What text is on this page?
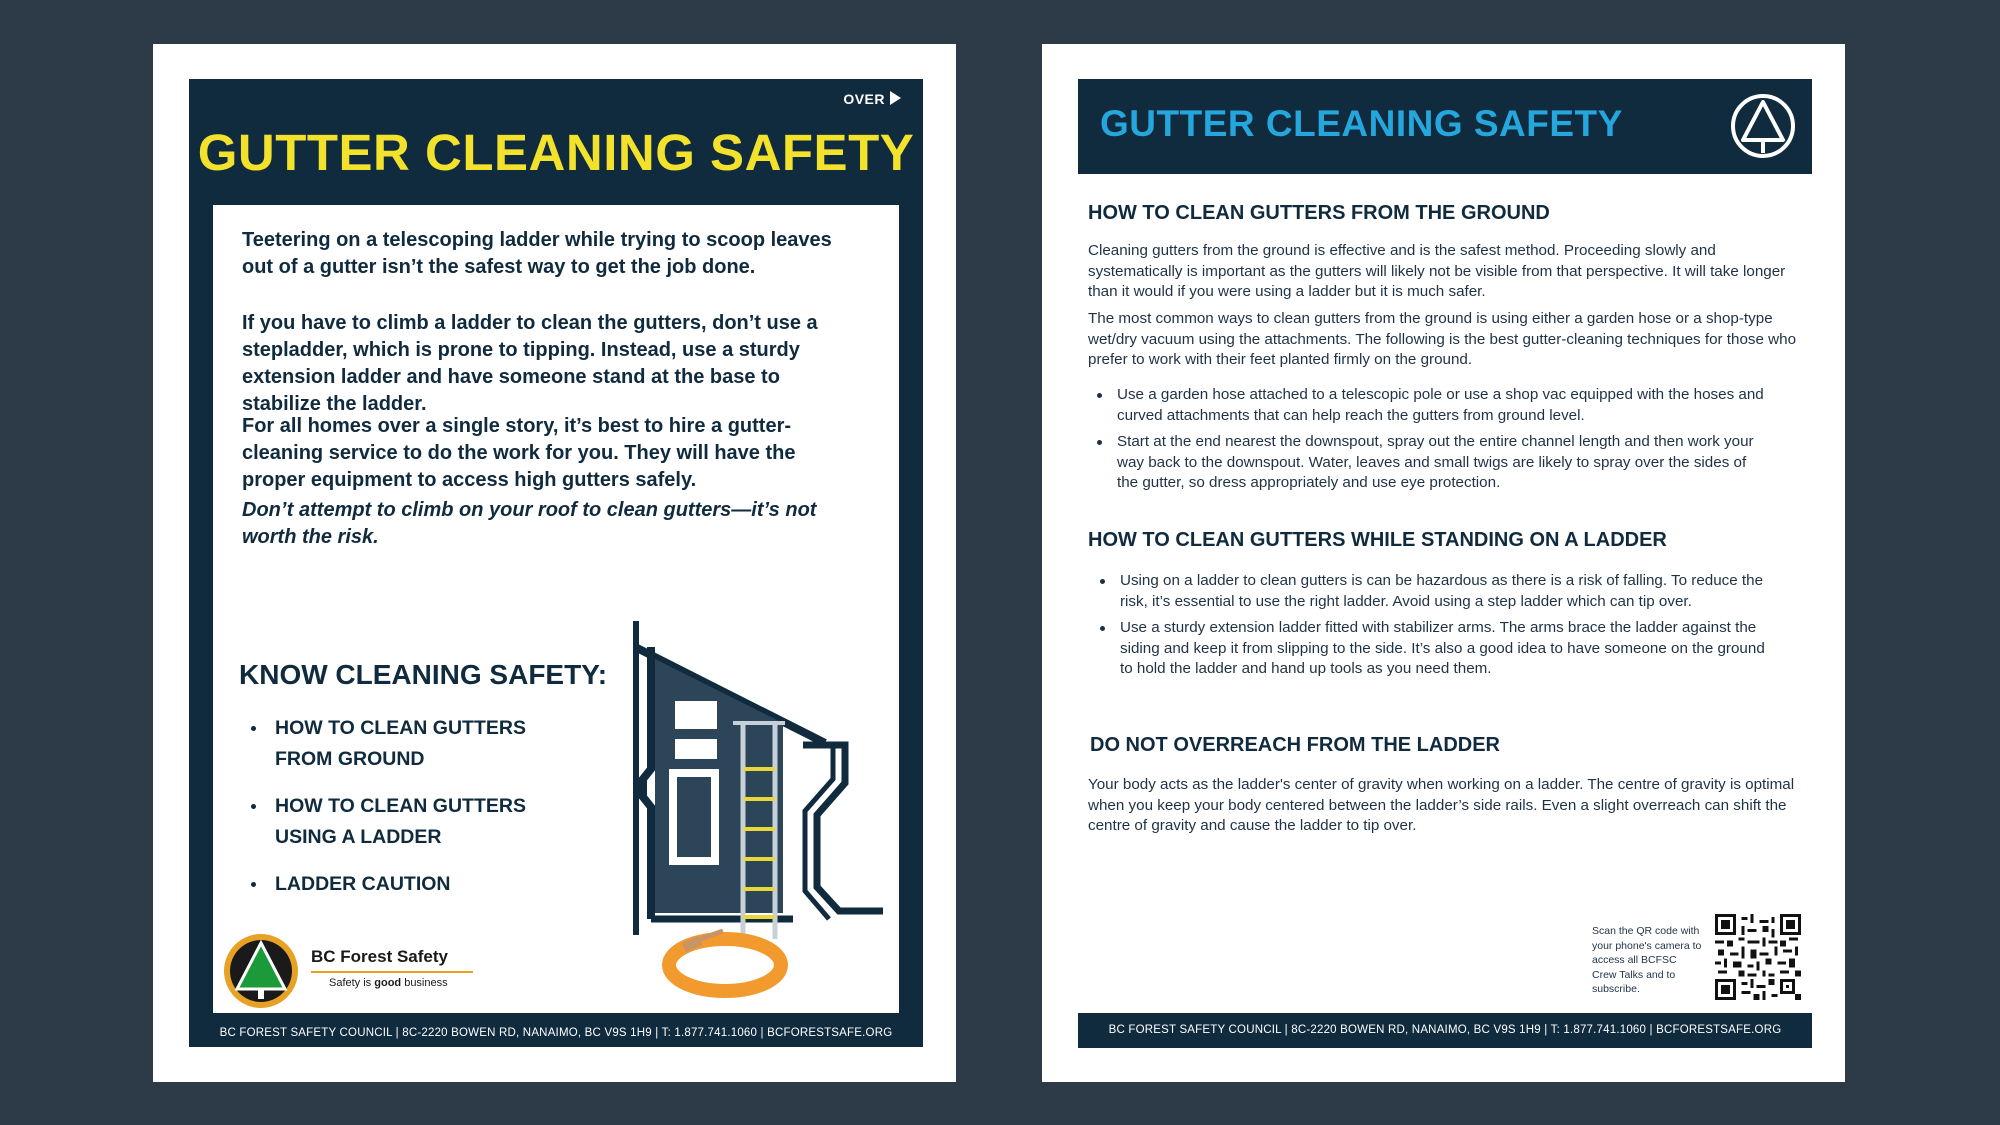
OVER
GUTTER CLEANING SAFETY

Teetering on a telescoping ladder while trying to scoop leaves out of a gutter isn’t the safest way to get the job done.

If you have to climb a ladder to clean the gutters, don’t use a stepladder, which is prone to tipping. Instead, use a sturdy extension ladder and have someone stand at the base to stabilize the ladder.

For all homes over a single story, it’s best to hire a gutter-cleaning service to do the work for you. They will have the proper equipment to access high gutters safely.

Don’t attempt to climb on your roof to clean gutters—it’s not worth the risk.

KNOW CLEANING SAFETY:
HOW TO CLEAN GUTTERS FROM GROUND
HOW TO CLEAN GUTTERS USING A LADDER
LADDER CAUTION
BC Forest Safety
Safety is good business
BC FOREST SAFETY COUNCIL | 8C-2220 BOWEN RD, NANAIMO, BC V9S 1H9 | T: 1.877.741.1060 | BCFORESTSAFE.ORG
GUTTER CLEANING SAFETY
HOW TO CLEAN GUTTERS FROM THE GROUND

Cleaning gutters from the ground is effective and is the safest method. Proceeding slowly and systematically is important as the gutters will likely not be visible from that perspective. It will take longer than it would if you were using a ladder but it is much safer.

The most common ways to clean gutters from the ground is using either a garden hose or a shop-type wet/dry vacuum using the attachments. The following is the best gutter-cleaning techniques for those who prefer to work with their feet planted firmly on the ground.

Use a garden hose attached to a telescopic pole or use a shop vac equipped with the hoses and curved attachments that can help reach the gutters from ground level.
Start at the end nearest the downspout, spray out the entire channel length and then work your way back to the downspout. Water, leaves and small twigs are likely to spray over the sides of the gutter, so dress appropriately and use eye protection.
HOW TO CLEAN GUTTERS WHILE STANDING ON A LADDER
Using on a ladder to clean gutters is can be hazardous as there is a risk of falling. To reduce the risk, it’s essential to use the right ladder. Avoid using a step ladder which can tip over.
Use a sturdy extension ladder fitted with stabilizer arms. The arms brace the ladder against the siding and keep it from slipping to the side. It’s also a good idea to have someone on the ground to hold the ladder and hand up tools as you need them.
DO NOT OVERREACH FROM THE LADDER

Your body acts as the ladder's center of gravity when working on a ladder. The centre of gravity is optimal when you keep your body centered between the ladder’s side rails. Even a slight overreach can shift the centre of gravity and cause the ladder to tip over.

Scan the QR code with your phone's camera to access all BCFSC Crew Talks and to subscribe.

BC FOREST SAFETY COUNCIL | 8C-2220 BOWEN RD, NANAIMO, BC V9S 1H9 | T: 1.877.741.1060 | BCFORESTSAFE.ORG
